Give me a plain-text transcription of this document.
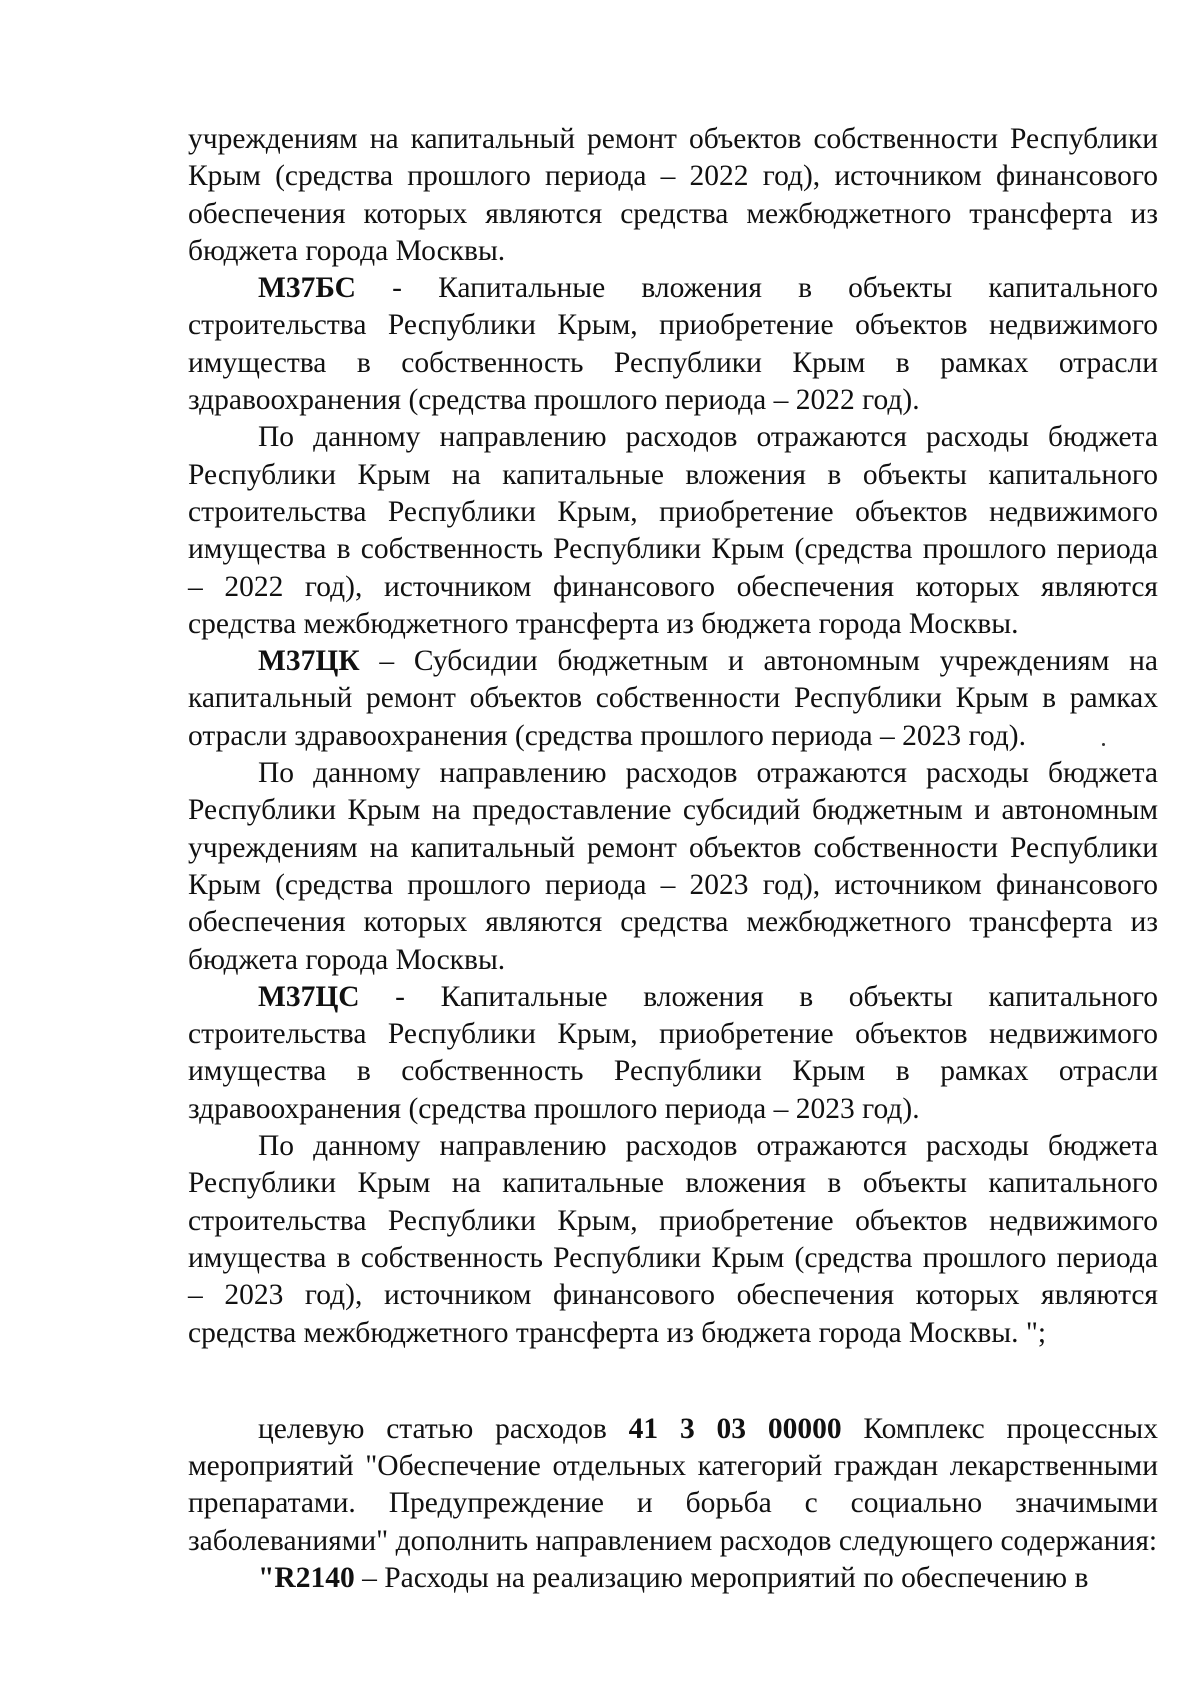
учреждениям на капитальный ремонт объектов собственности Республики Крым (средства прошлого периода – 2022 год), источником финансового обеспечения которых являются средства межбюджетного трансферта из бюджета города Москвы.

М37БС - Капитальные вложения в объекты капитального строительства Республики Крым, приобретение объектов недвижимого имущества в собственность Республики Крым в рамках отрасли здравоохранения (средства прошлого периода – 2022 год).

По данному направлению расходов отражаются расходы бюджета Республики Крым на капитальные вложения в объекты капитального строительства Республики Крым, приобретение объектов недвижимого имущества в собственность Республики Крым (средства прошлого периода – 2022 год), источником финансового обеспечения которых являются средства межбюджетного трансферта из бюджета города Москвы.

М37ЦК – Субсидии бюджетным и автономным учреждениям на капитальный ремонт объектов собственности Республики Крым в рамках отрасли здравоохранения (средства прошлого периода – 2023 год).

По данному направлению расходов отражаются расходы бюджета Республики Крым на предоставление субсидий бюджетным и автономным учреждениям на капитальный ремонт объектов собственности Республики Крым (средства прошлого периода – 2023 год), источником финансового обеспечения которых являются средства межбюджетного трансферта из бюджета города Москвы.

М37ЦС - Капитальные вложения в объекты капитального строительства Республики Крым, приобретение объектов недвижимого имущества в собственность Республики Крым в рамках отрасли здравоохранения (средства прошлого периода – 2023 год).

По данному направлению расходов отражаются расходы бюджета Республики Крым на капитальные вложения в объекты капитального строительства Республики Крым, приобретение объектов недвижимого имущества в собственность Республики Крым (средства прошлого периода – 2023 год), источником финансового обеспечения которых являются средства межбюджетного трансферта из бюджета города Москвы. ";

целевую статью расходов 41 3 03 00000 Комплекс процессных мероприятий "Обеспечение отдельных категорий граждан лекарственными препаратами. Предупреждение и борьба с социально значимыми заболеваниями" дополнить направлением расходов следующего содержания:

"R2140 – Расходы на реализацию мероприятий по обеспечению в
